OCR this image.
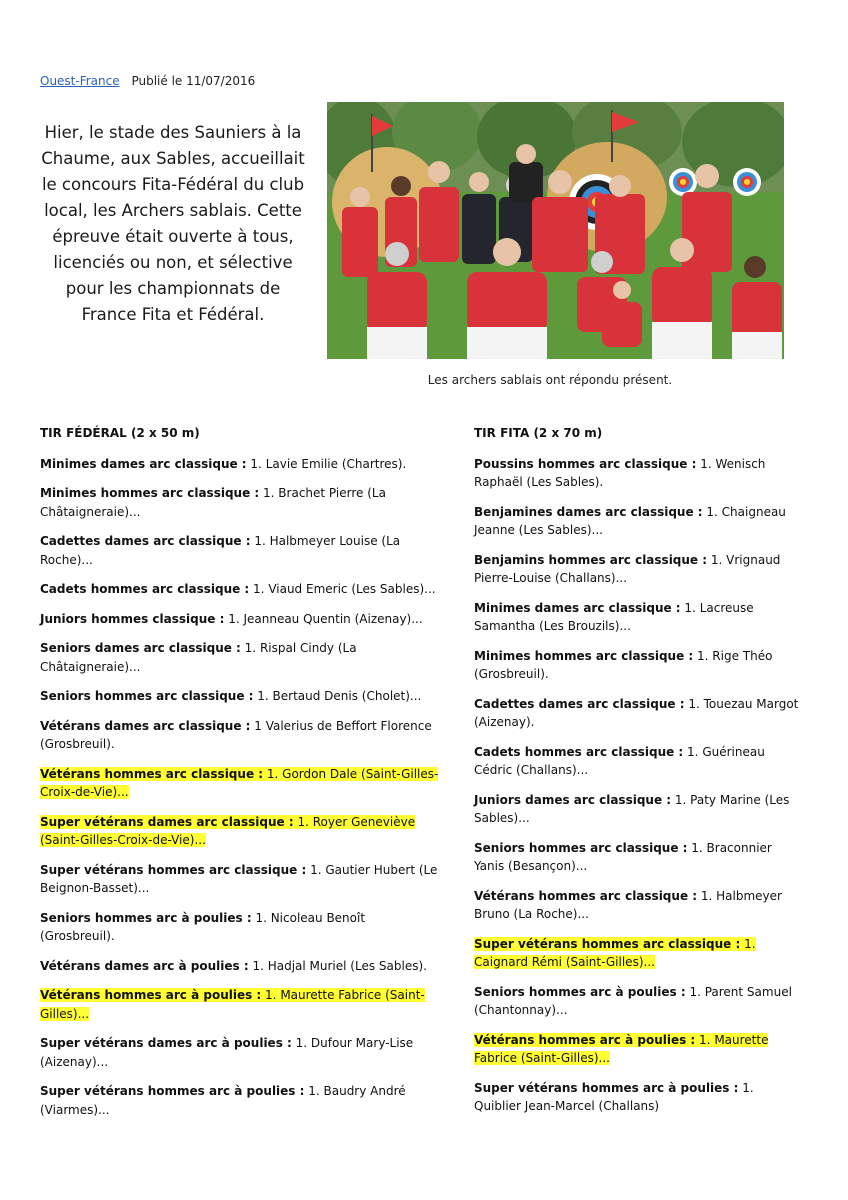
Ouest-France Publié le 11/07/2016
Hier, le stade des Sauniers à la Chaume, aux Sables, accueillait le concours Fita-Fédéral du club local, les Archers sablais. Cette épreuve était ouverte à tous, licenciés ou non, et sélective pour les championnats de France Fita et Fédéral.
Les archers sablais ont répondu présent.
TIR FÉDÉRAL (2 x 50 m)
Minimes dames arc classique : 1. Lavie Emilie (Chartres).
Minimes hommes arc classique : 1. Brachet Pierre (La Châtaigneraie)...
Cadettes dames arc classique : 1. Halbmeyer Louise (La Roche)...
Cadets hommes arc classique : 1. Viaud Emeric (Les Sables)...
Juniors hommes classique : 1. Jeanneau Quentin (Aizenay)...
Seniors dames arc classique : 1. Rispal Cindy (La Châtaigneraie)...
Seniors hommes arc classique : 1. Bertaud Denis (Cholet)...
Vétérans dames arc classique : 1 Valerius de Beffort Florence (Grosbreuil).
Vétérans hommes arc classique : 1. Gordon Dale (Saint-Gilles-Croix-de-Vie)...
Super vétérans dames arc classique : 1. Royer Geneviève (Saint-Gilles-Croix-de-Vie)...
Super vétérans hommes arc classique : 1. Gautier Hubert (Le Beignon-Basset)...
Seniors hommes arc à poulies : 1. Nicoleau Benoît (Grosbreuil).
Vétérans dames arc à poulies : 1. Hadjal Muriel (Les Sables).
Vétérans hommes arc à poulies : 1. Maurette Fabrice (Saint-Gilles)...
Super vétérans dames arc à poulies : 1. Dufour Mary-Lise (Aizenay)...
Super vétérans hommes arc à poulies : 1. Baudry André (Viarmes)...
TIR FITA (2 x 70 m)
Poussins hommes arc classique : 1. Wenisch Raphaël (Les Sables).
Benjamines dames arc classique : 1. Chaigneau Jeanne (Les Sables)...
Benjamins hommes arc classique : 1. Vrignaud Pierre-Louise (Challans)...
Minimes dames arc classique : 1. Lacreuse Samantha (Les Brouzils)...
Minimes hommes arc classique : 1. Rige Théo (Grosbreuil).
Cadettes dames arc classique : 1. Touezau Margot (Aizenay).
Cadets hommes arc classique : 1. Guérineau Cédric (Challans)...
Juniors dames arc classique : 1. Paty Marine (Les Sables)...
Seniors hommes arc classique : 1. Braconnier Yanis (Besançon)...
Vétérans hommes arc classique : 1. Halbmeyer Bruno (La Roche)...
Super vétérans hommes arc classique : 1. Caignard Rémi (Saint-Gilles)...
Seniors hommes arc à poulies : 1. Parent Samuel (Chantonnay)...
Vétérans hommes arc à poulies : 1. Maurette Fabrice (Saint-Gilles)...
Super vétérans hommes arc à poulies : 1. Quiblier Jean-Marcel (Challans)
